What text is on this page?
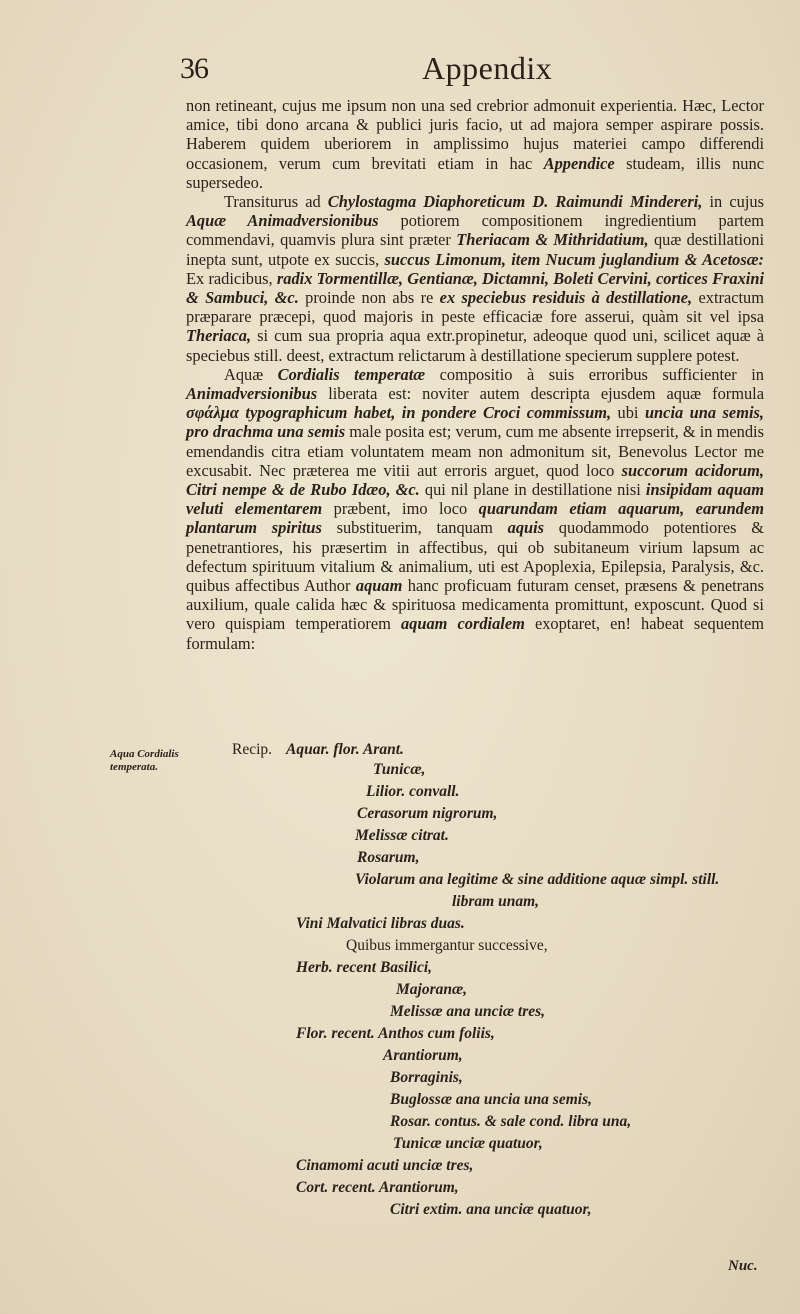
36	Appendix

non retineant, cujus me ipsum non una sed crebrior admonuit experientia. Hæc, Lector amice, tibi dono arcana & publici juris facio, ut ad majora semper aspirare possis. Haberem quidem uberiorem in amplissimo hujus materiei campo differendi occasionem, verum cum brevitati etiam in hac Appendice studeam, illis nunc supersedeo.

Transiturus ad Chylostagma Diaphoreticum D. Raimundi Mindereri, in cujus Aquæ Animadversionibus potiorem compositionem ingredientium partem commendavi, quamvis plura sint præter Theriacam & Mithridatium, quæ destillationi inepta sunt, utpote ex succis, succus Limonum, item Nucum juglandium & Acetosæ: Ex radicibus, radix Tormentillæ, Gentianæ, Dictamni, Boleti Cervini, cortices Fraxini & Sambuci, &c. proinde non abs re ex speciebus residuis à destillatione, extractum præparare præcepi, quod majoris in peste efficaciæ fore asserui, quàm sit vel ipsa Theriaca, si cum sua propria aqua extr.propinetur, adeoque quod uni, scilicet aquæ à speciebus still. deest, extractum relictarum à destillatione specierum supplere potest.

Aquæ Cordialis temperatæ compositio à suis erroribus sufficienter in Animadversionibus liberata est: noviter autem descripta ejusdem aquæ formula σφάλμα typographicum habet, in pondere Croci commissum, ubi uncia una semis, pro drachma una semis male posita est; verum, cum me absente irrepserit, & in mendis emendandis citra etiam voluntatem meam non admonitum sit, Benevolus Lector me excusabit. Nec præterea me vitii aut erroris arguet, quod loco succorum acidorum, Citri nempe & de Rubo Idæo, &c. qui nil plane in destillatione nisi insipidam aquam veluti elementarem præbent, imo loco quarundam etiam aquarum, earundem plantarum spiritus substituerim, tanquam aquis quodammodo potentiores & penetrantiores, his præsertim in affectibus, qui ob subitaneum virium lapsum ac defectum spirituum vitalium & animalium, uti est Apoplexia, Epilepsia, Paralysis, &c. quibus affectibus Author aquam hanc proficuam futuram censet, præsens & penetrans auxilium, quale calida hæc & spirituosa medicamenta promittunt, exposcunt. Quod si vero quispiam temperatiorem aquam cordialem exoptaret, en! habeat sequentem formulam:

Aqua Cordialis temperata.
Recip. Aquar. flor. Arant.
Tunicæ,
Lilior. convall.
Cerasorum nigrorum,
Melissæ citrat.
Rosarum,
Violarum ana legitime & sine additione aquæ simpl. still.
libram unam,
Vini Malvatici libras duas.
Quibus immergantur successive,
Herb. recent Basilici,
Majoranæ,
Melissæ ana unciæ tres,
Flor. recent. Anthos cum foliis,
Arantiorum,
Borraginis,
Buglossæ ana uncia una semis,
Rosar. contus. & sale cond. libra una,
Tunicæ unciæ quatuor,
Cinamomi acuti unciæ tres,
Cort. recent. Arantiorum,
Citri extim. ana unciæ quatuor,
Nuc.
